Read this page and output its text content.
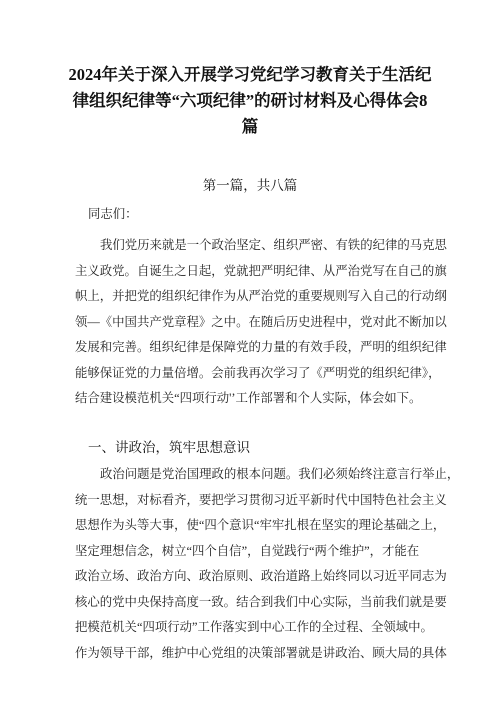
2024年关于深入开展学习党纪学习教育关于生活纪
律组织纪律等“六项纪律”的研讨材料及心得体会8
篇
第一篇，共八篇

同志们：

我们党历来就是一个政治坚定、组织严密、有铁的纪律的马克思
主义政党。自诞生之日起，党就把严明纪律、从严治党写在自己的旗
帜上，并把党的组织纪律作为从严治党的重要规则写入自己的行动纲
领—《中国共产党章程》之中。在随后历史进程中，党对此不断加以
发展和完善。组织纪律是保障党的力量的有效手段，严明的组织纪律
能够保证党的力量倍增。会前我再次学习了《严明党的组织纪律》，
结合建设模范机关“四项行动'’工作部署和个人实际，体会如下。

一、讲政治，筑牢思想意识

政治问题是党治国理政的根本问题。我们必须始终注意言行举止，
统一思想，对标看齐，要把学习贯彻习近平新时代中国特色社会主义
思想作为头等大事，使“四个意识“牢牢扎根在坚实的理论基础之上，
坚定理想信念，树立“四个自信”，自觉践行“两个维护”，才能在
政治立场、政治方向、政治原则、政治道路上始终同以习近平同志为
核心的党中央保持高度一致。结合到我们中心实际，当前我们就是要
把模范机关“四项行动”工作落实到中心工作的全过程、全领域中。
作为领导干部，维护中心党组的决策部署就是讲政治、顾大局的具体
